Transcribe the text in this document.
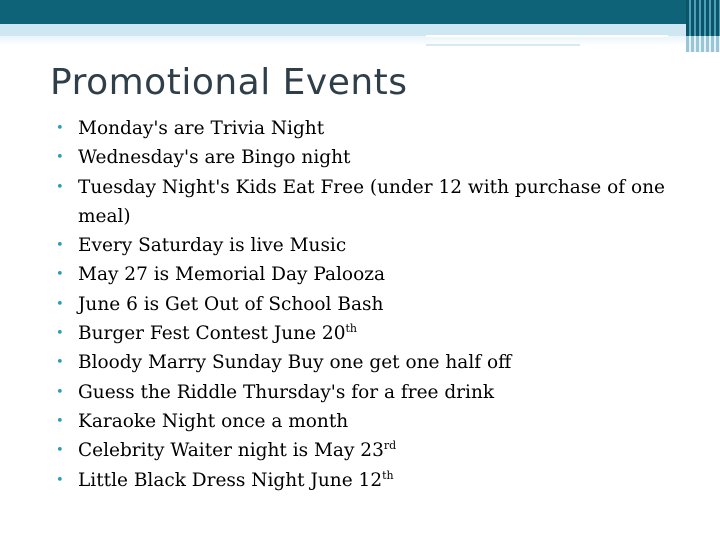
Promotional Events
• Monday's are Trivia Night
• Wednesday's are Bingo night
• Tuesday Night's Kids Eat Free (under 12 with purchase of one meal)
• Every Saturday is live Music
• May 27 is Memorial Day Palooza
• June 6 is Get Out of School Bash
• Burger Fest Contest June 20th
• Bloody Marry Sunday Buy one get one half off
• Guess the Riddle Thursday's for a free drink
• Karaoke Night once a month
• Celebrity Waiter night is May 23rd
• Little Black Dress Night June 12th
